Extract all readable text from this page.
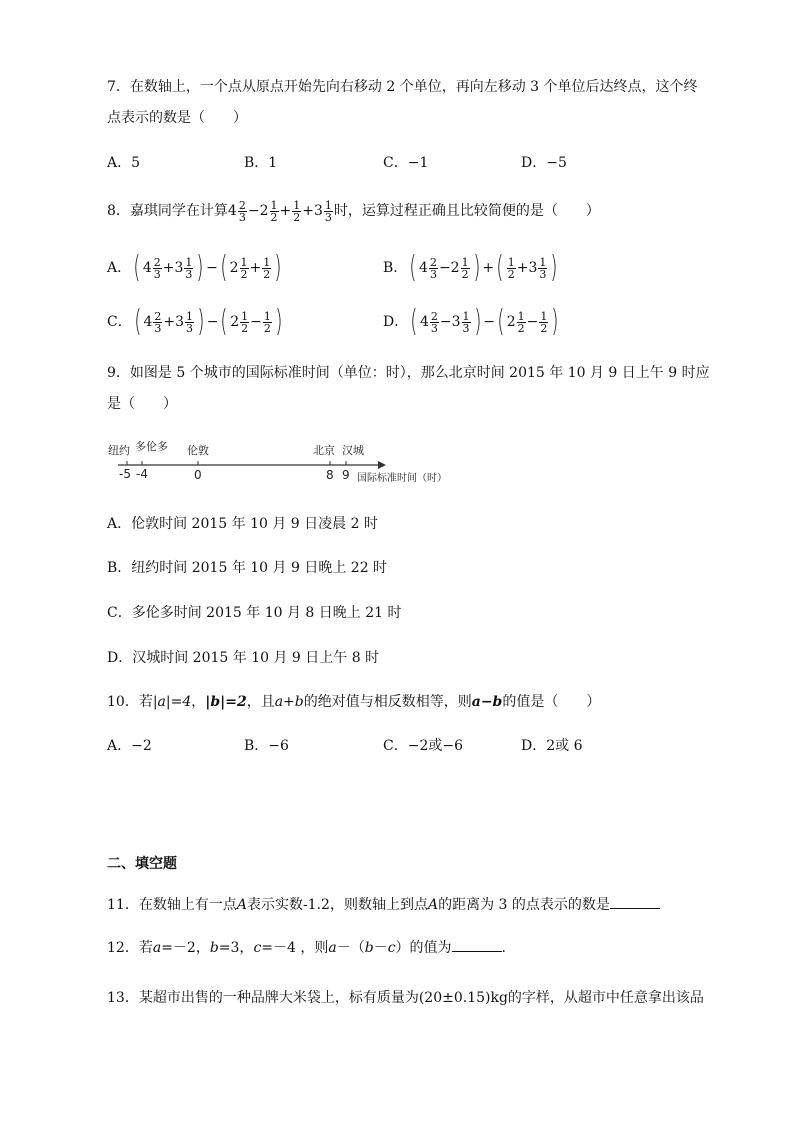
7．在数轴上，一个点从原点开始先向右移动 2 个单位，再向左移动 3 个单位后达终点，这个终
点表示的数是（　　）
A．5	B．1	C．−1	D．−5
8．嘉琪同学在计算$4 \frac{2}{3} -2 \frac{1}{2} + \frac{1}{2} +3 \frac{1}{3}$ 时，运算过程正确且比较简便的是（　　）
A．( $4 \frac{2}{3} +3 \frac{1}{3}$ ) −( $2 \frac{1}{2} + \frac{1}{2}$ )	B．( $4 \frac{2}{3} -2 \frac{1}{2}$ ) +( $\frac{1}{2} +3 \frac{1}{3}$ )
C．( $4 \frac{2}{3} +3 \frac{1}{3}$ ) −( $2 \frac{1}{2} - \frac{1}{2}$ )	D．( $4 \frac{2}{3} -3 \frac{1}{3}$ ) −( $2 \frac{1}{2} - \frac{1}{2}$ )
9．如图是 5 个城市的国际标准时间（单位：时），那么北京时间 2015 年 10 月 9 日上午 9 时应
是（　　）
纽约 多伦多 伦敦	北京 汉城
-5 -4	0	8 9 国际标准时间（时）
A．伦敦时间 2015 年 10 月 9 日凌晨 2 时
B．纽约时间 2015 年 10 月 9 日晚上 22 时
C．多伦多时间 2015 年 10 月 8 日晚上 21 时
D．汉城时间 2015 年 10 月 9 日上午 8 时
10．若|a|=4，|b|=2，且a+b的绝对值与相反数相等，则a−b的值是（　　）
A．−2	B．−6	C．−2或−6	D．2或 6
二、填空题
11．在数轴上有一点A表示实数-1.2，则数轴上到点A的距离为 3 的点表示的数是
12．若a=－2，b=3，c=－4 ，则a－（b－c）的值为	.
13．某超市出售的一种品牌大米袋上，标有质量为(20±0.15)kg的字样，从超市中任意拿出该品
